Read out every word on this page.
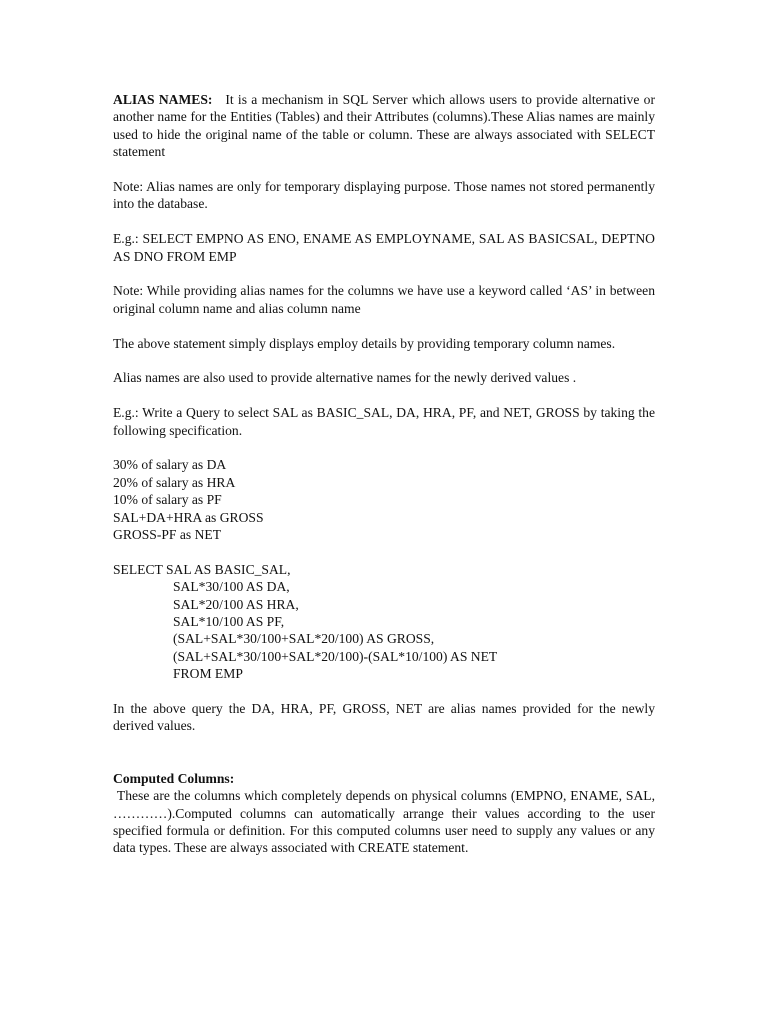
ALIAS NAMES: It is a mechanism in SQL Server which allows users to provide alternative or another name for the Entities (Tables) and their Attributes (columns).These Alias names are mainly used to hide the original name of the table or column. These are always associated with SELECT statement

Note: Alias names are only for temporary displaying purpose. Those names not stored permanently into the database.

E.g.: SELECT EMPNO AS ENO, ENAME AS EMPLOYNAME, SAL AS BASICSAL, DEPTNO AS DNO FROM EMP

Note: While providing alias names for the columns we have use a keyword called ‘AS’ in between original column name and alias column name

The above statement simply displays employ details by providing temporary column names.

Alias names are also used to provide alternative names for the newly derived values .

E.g.: Write a Query to select SAL as BASIC_SAL, DA, HRA, PF, and NET, GROSS by taking the following specification.

30% of salary as DA
20% of salary as HRA
10% of salary as PF
SAL+DA+HRA as GROSS
GROSS-PF as NET
SELECT SAL AS BASIC_SAL,
SAL*30/100 AS DA,
SAL*20/100 AS HRA,
SAL*10/100 AS PF,
(SAL+SAL*30/100+SAL*20/100) AS GROSS,
(SAL+SAL*30/100+SAL*20/100)-(SAL*10/100) AS NET
FROM EMP

In the above query the DA, HRA, PF, GROSS, NET are alias names provided for the newly derived values.

Computed Columns:

These are the columns which completely depends on physical columns (EMPNO, ENAME, SAL, …………).Computed columns can automatically arrange their values according to the user specified formula or definition. For this computed columns user need to supply any values or any data types. These are always associated with CREATE statement.
